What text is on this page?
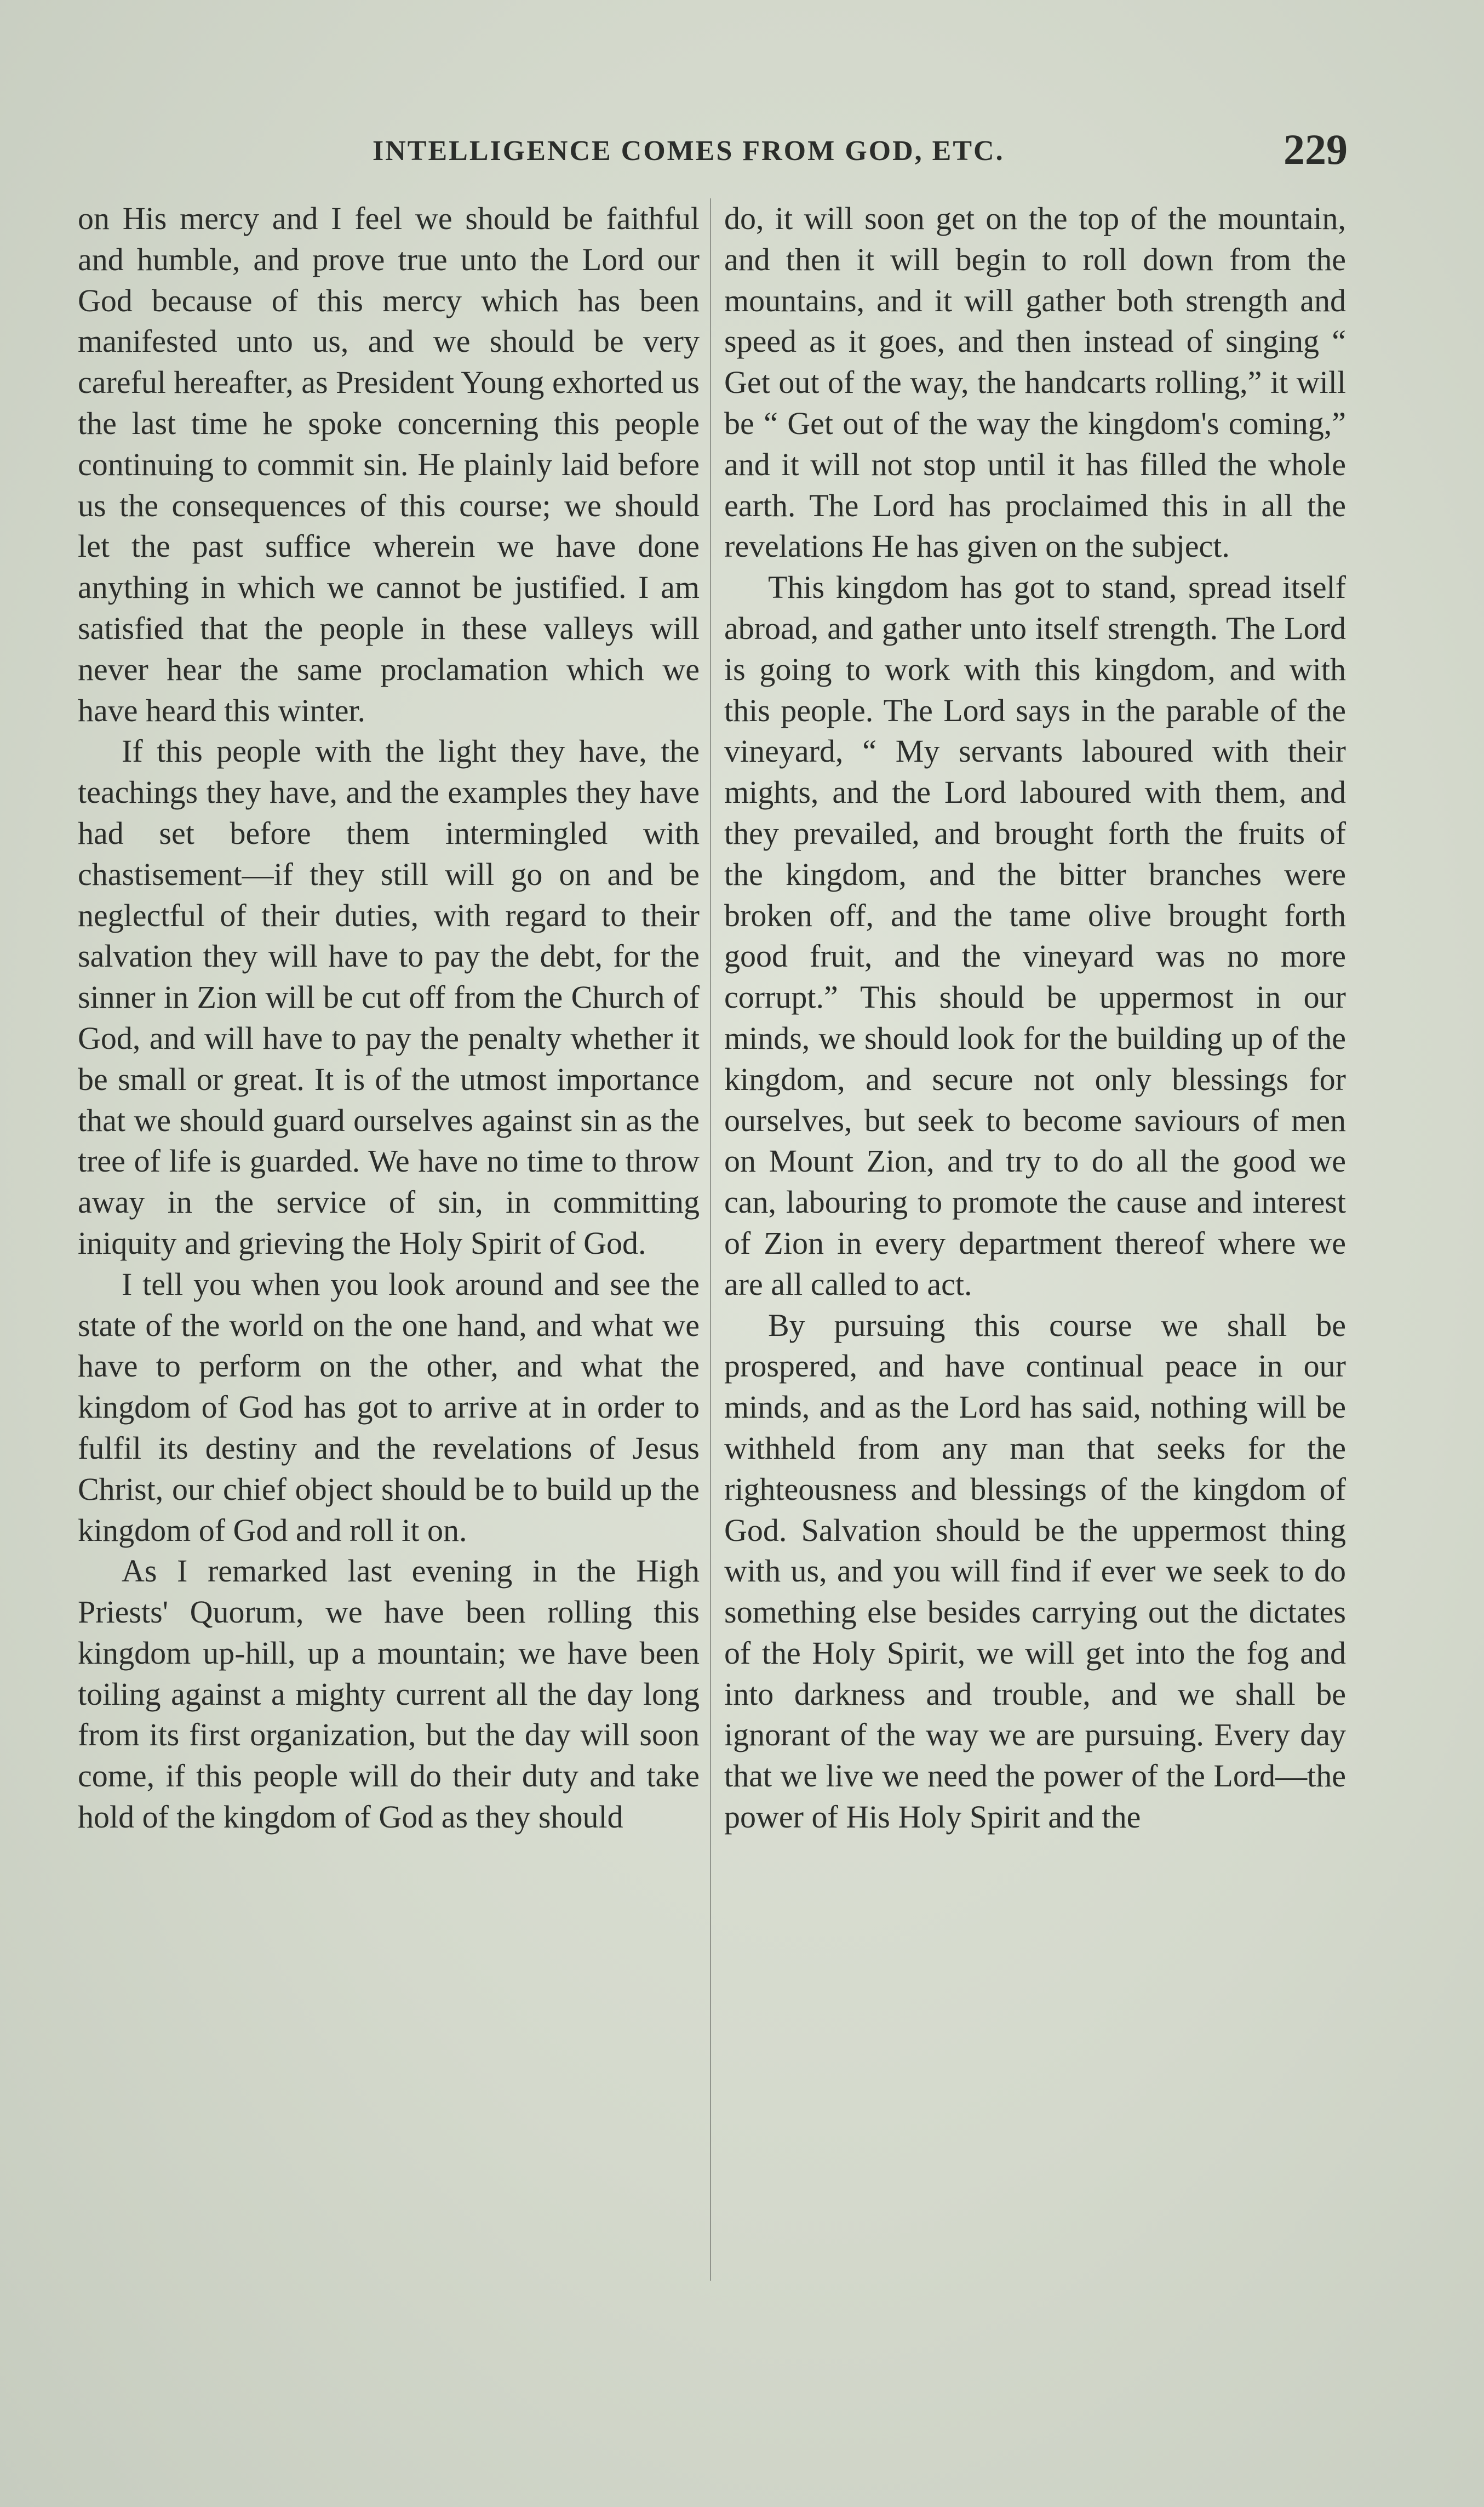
INTELLIGENCE COMES FROM GOD, ETC.	229

on His mercy and I feel we should be faithful and humble, and prove true unto the Lord our God because of this mercy which has been manifested unto us, and we should be very careful hereafter, as President Young exhorted us the last time he spoke concerning this people continuing to commit sin. He plainly laid before us the consequences of this course; we should let the past suffice wherein we have done anything in which we cannot be justified. I am satisfied that the people in these valleys will never hear the same proclamation which we have heard this winter.

If this people with the light they have, the teachings they have, and the examples they have had set before them intermingled with chastisement—if they still will go on and be neglectful of their duties, with regard to their salvation they will have to pay the debt, for the sinner in Zion will be cut off from the Church of God, and will have to pay the penalty whether it be small or great. It is of the utmost importance that we should guard ourselves against sin as the tree of life is guarded. We have no time to throw away in the service of sin, in committing iniquity and grieving the Holy Spirit of God.

I tell you when you look around and see the state of the world on the one hand, and what we have to perform on the other, and what the kingdom of God has got to arrive at in order to fulfil its destiny and the revelations of Jesus Christ, our chief object should be to build up the kingdom of God and roll it on.

As I remarked last evening in the High Priests' Quorum, we have been rolling this kingdom up-hill, up a mountain; we have been toiling against a mighty current all the day long from its first organization, but the day will soon come, if this people will do their duty and take hold of the kingdom of God as they should

do, it will soon get on the top of the mountain, and then it will begin to roll down from the mountains, and it will gather both strength and speed as it goes, and then instead of singing “ Get out of the way, the handcarts rolling,” it will be “ Get out of the way the kingdom's coming,” and it will not stop until it has filled the whole earth. The Lord has proclaimed this in all the revelations He has given on the subject.

This kingdom has got to stand, spread itself abroad, and gather unto itself strength. The Lord is going to work with this kingdom, and with this people. The Lord says in the parable of the vineyard, “ My servants laboured with their mights, and the Lord laboured with them, and they prevailed, and brought forth the fruits of the kingdom, and the bitter branches were broken off, and the tame olive brought forth good fruit, and the vineyard was no more corrupt.” This should be uppermost in our minds, we should look for the building up of the kingdom, and secure not only blessings for ourselves, but seek to become saviours of men on Mount Zion, and try to do all the good we can, labouring to promote the cause and interest of Zion in every department thereof where we are all called to act.

By pursuing this course we shall be prospered, and have continual peace in our minds, and as the Lord has said, nothing will be withheld from any man that seeks for the righteousness and blessings of the kingdom of God. Salvation should be the uppermost thing with us, and you will find if ever we seek to do something else besides carrying out the dictates of the Holy Spirit, we will get into the fog and into darkness and trouble, and we shall be ignorant of the way we are pursuing. Every day that we live we need the power of the Lord—the power of His Holy Spirit and the
